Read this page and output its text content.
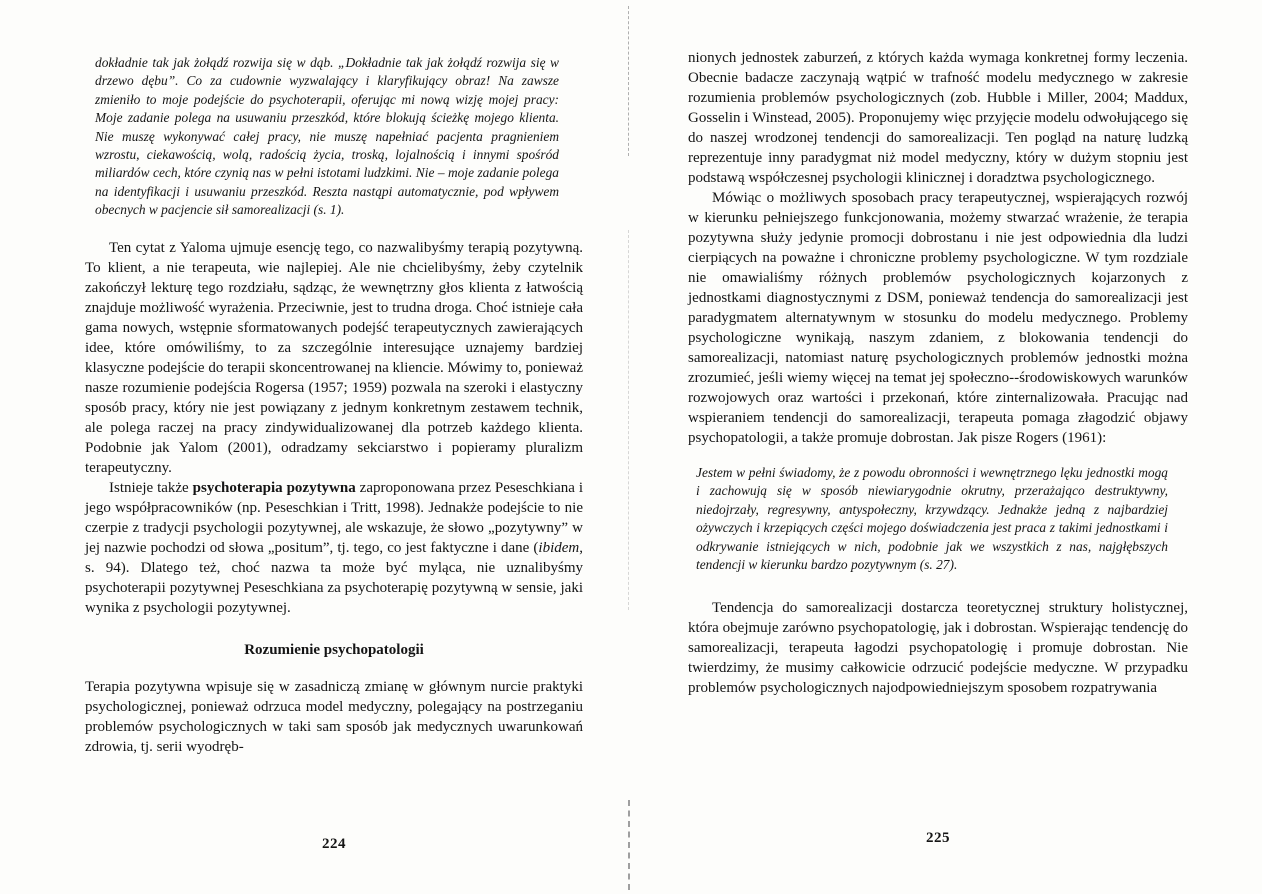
dokładnie tak jak żołądź rozwija się w dąb. „Dokładnie tak jak żołądź rozwija się w drzewo dębu”. Co za cudownie wyzwalający i klaryfikujący obraz! Na zawsze zmieniło to moje podejście do psychoterapii, oferując mi nową wizję mojej pracy: Moje zadanie polega na usuwaniu przeszkód, które blokują ścieżkę mojego klienta. Nie muszę wykonywać całej pracy, nie muszę napełniać pacjenta pragnieniem wzrostu, ciekawością, wolą, radością życia, troską, lojalnością i innymi spośród miliardów cech, które czynią nas w pełni istotami ludzkimi. Nie – moje zadanie polega na identyfikacji i usuwaniu przeszkód. Reszta nastąpi automatycznie, pod wpływem obecnych w pacjencie sił samorealizacji (s. 1).

Ten cytat z Yaloma ujmuje esencję tego, co nazwalibyśmy terapią pozytywną. To klient, a nie terapeuta, wie najlepiej. Ale nie chcielibyśmy, żeby czytelnik zakończył lekturę tego rozdziału, sądząc, że wewnętrzny głos klienta z łatwością znajduje możliwość wyrażenia. Przeciwnie, jest to trudna droga. Choć istnieje cała gama nowych, wstępnie sformatowanych podejść terapeutycznych zawierających idee, które omówiliśmy, to za szczególnie interesujące uznajemy bardziej klasyczne podejście do terapii skoncentrowanej na kliencie. Mówimy to, ponieważ nasze rozumienie podejścia Rogersa (1957; 1959) pozwala na szeroki i elastyczny sposób pracy, który nie jest powiązany z jednym konkretnym zestawem technik, ale polega raczej na pracy zindywidualizowanej dla potrzeb każdego klienta. Podobnie jak Yalom (2001), odradzamy sekciarstwo i popieramy pluralizm terapeutyczny.

Istnieje także psychoterapia pozytywna zaproponowana przez Peseschkiana i jego współpracowników (np. Peseschkian i Tritt, 1998). Jednakże podejście to nie czerpie z tradycji psychologii pozytywnej, ale wskazuje, że słowo „pozytywny” w jej nazwie pochodzi od słowa „positum”, tj. tego, co jest faktyczne i dane (ibidem, s. 94). Dlatego też, choć nazwa ta może być myląca, nie uznalibyśmy psychoterapii pozytywnej Peseschkiana za psychoterapię pozytywną w sensie, jaki wynika z psychologii pozytywnej.

Rozumienie psychopatologii

Terapia pozytywna wpisuje się w zasadniczą zmianę w głównym nurcie praktyki psychologicznej, ponieważ odrzuca model medyczny, polegający na postrzeganiu problemów psychologicznych w taki sam sposób jak medycznych uwarunkowań zdrowia, tj. serii wyodręb-

nionych jednostek zaburzeń, z których każda wymaga konkretnej formy leczenia. Obecnie badacze zaczynają wątpić w trafność modelu medycznego w zakresie rozumienia problemów psychologicznych (zob. Hubble i Miller, 2004; Maddux, Gosselin i Winstead, 2005). Proponujemy więc przyjęcie modelu odwołującego się do naszej wrodzonej tendencji do samorealizacji. Ten pogląd na naturę ludzką reprezentuje inny paradygmat niż model medyczny, który w dużym stopniu jest podstawą współczesnej psychologii klinicznej i doradztwa psychologicznego.

Mówiąc o możliwych sposobach pracy terapeutycznej, wspierających rozwój w kierunku pełniejszego funkcjonowania, możemy stwarzać wrażenie, że terapia pozytywna służy jedynie promocji dobrostanu i nie jest odpowiednia dla ludzi cierpiących na poważne i chroniczne problemy psychologiczne. W tym rozdziale nie omawialiśmy różnych problemów psychologicznych kojarzonych z jednostkami diagnostycznymi z DSM, ponieważ tendencja do samorealizacji jest paradygmatem alternatywnym w stosunku do modelu medycznego. Problemy psychologiczne wynikają, naszym zdaniem, z blokowania tendencji do samorealizacji, natomiast naturę psychologicznych problemów jednostki można zrozumieć, jeśli wiemy więcej na temat jej społeczno--środowiskowych warunków rozwojowych oraz wartości i przekonań, które zinternalizowała. Pracując nad wspieraniem tendencji do samorealizacji, terapeuta pomaga złagodzić objawy psychopatologii, a także promuje dobrostan. Jak pisze Rogers (1961):

Jestem w pełni świadomy, że z powodu obronności i wewnętrznego lęku jednostki mogą i zachowują się w sposób niewiarygodnie okrutny, przerażająco destruktywny, niedojrzały, regresywny, antyspołeczny, krzywdzący. Jednakże jedną z najbardziej ożywczych i krzepiących części mojego doświadczenia jest praca z takimi jednostkami i odkrywanie istniejących w nich, podobnie jak we wszystkich z nas, najgłębszych tendencji w kierunku bardzo pozytywnym (s. 27).

Tendencja do samorealizacji dostarcza teoretycznej struktury holistycznej, która obejmuje zarówno psychopatologię, jak i dobrostan. Wspierając tendencję do samorealizacji, terapeuta łagodzi psychopatologię i promuje dobrostan. Nie twierdzimy, że musimy całkowicie odrzucić podejście medyczne. W przypadku problemów psychologicznych najodpowiedniejszym sposobem rozpatrywania

224	225
